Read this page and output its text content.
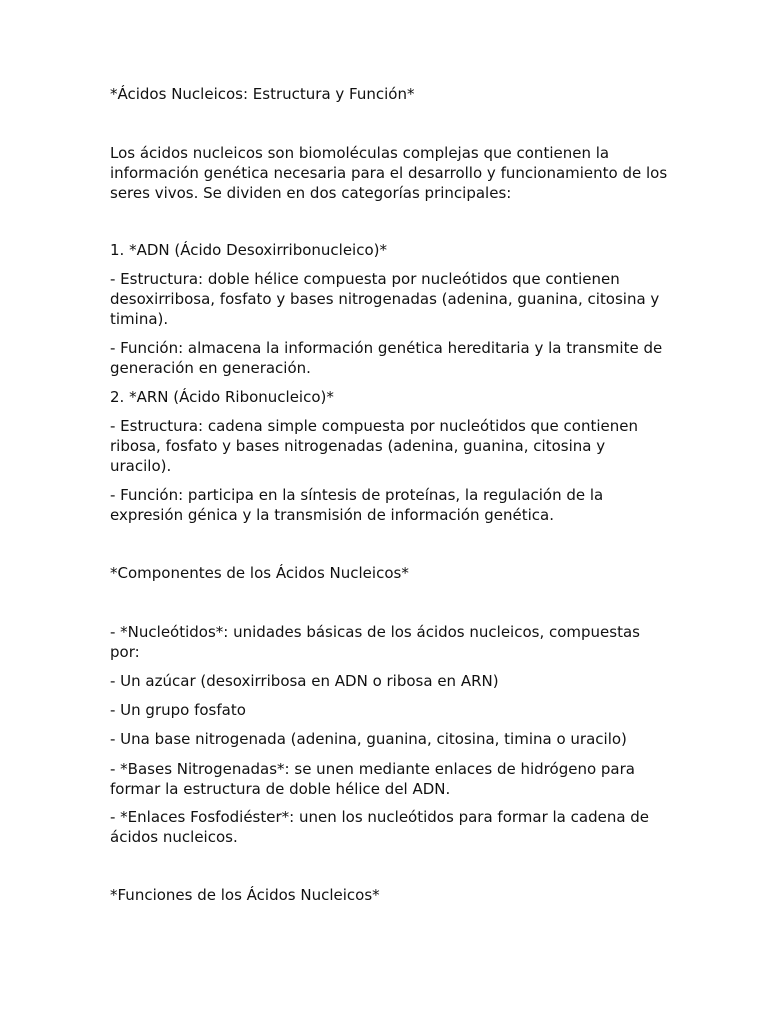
*Ácidos Nucleicos: Estructura y Función*

Los ácidos nucleicos son biomoléculas complejas que contienen la información genética necesaria para el desarrollo y funcionamiento de los seres vivos. Se dividen en dos categorías principales:

1. *ADN (Ácido Desoxirribonucleico)*

- Estructura: doble hélice compuesta por nucleótidos que contienen desoxirribosa, fosfato y bases nitrogenadas (adenina, guanina, citosina y timina).

- Función: almacena la información genética hereditaria y la transmite de generación en generación.

2. *ARN (Ácido Ribonucleico)*

- Estructura: cadena simple compuesta por nucleótidos que contienen ribosa, fosfato y bases nitrogenadas (adenina, guanina, citosina y uracilo).

- Función: participa en la síntesis de proteínas, la regulación de la expresión génica y la transmisión de información genética.

*Componentes de los Ácidos Nucleicos*

- *Nucleótidos*: unidades básicas de los ácidos nucleicos, compuestas por:

- Un azúcar (desoxirribosa en ADN o ribosa en ARN)

- Un grupo fosfato

- Una base nitrogenada (adenina, guanina, citosina, timina o uracilo)

- *Bases Nitrogenadas*: se unen mediante enlaces de hidrógeno para formar la estructura de doble hélice del ADN.

- *Enlaces Fosfodiéster*: unen los nucleótidos para formar la cadena de ácidos nucleicos.

*Funciones de los Ácidos Nucleicos*
